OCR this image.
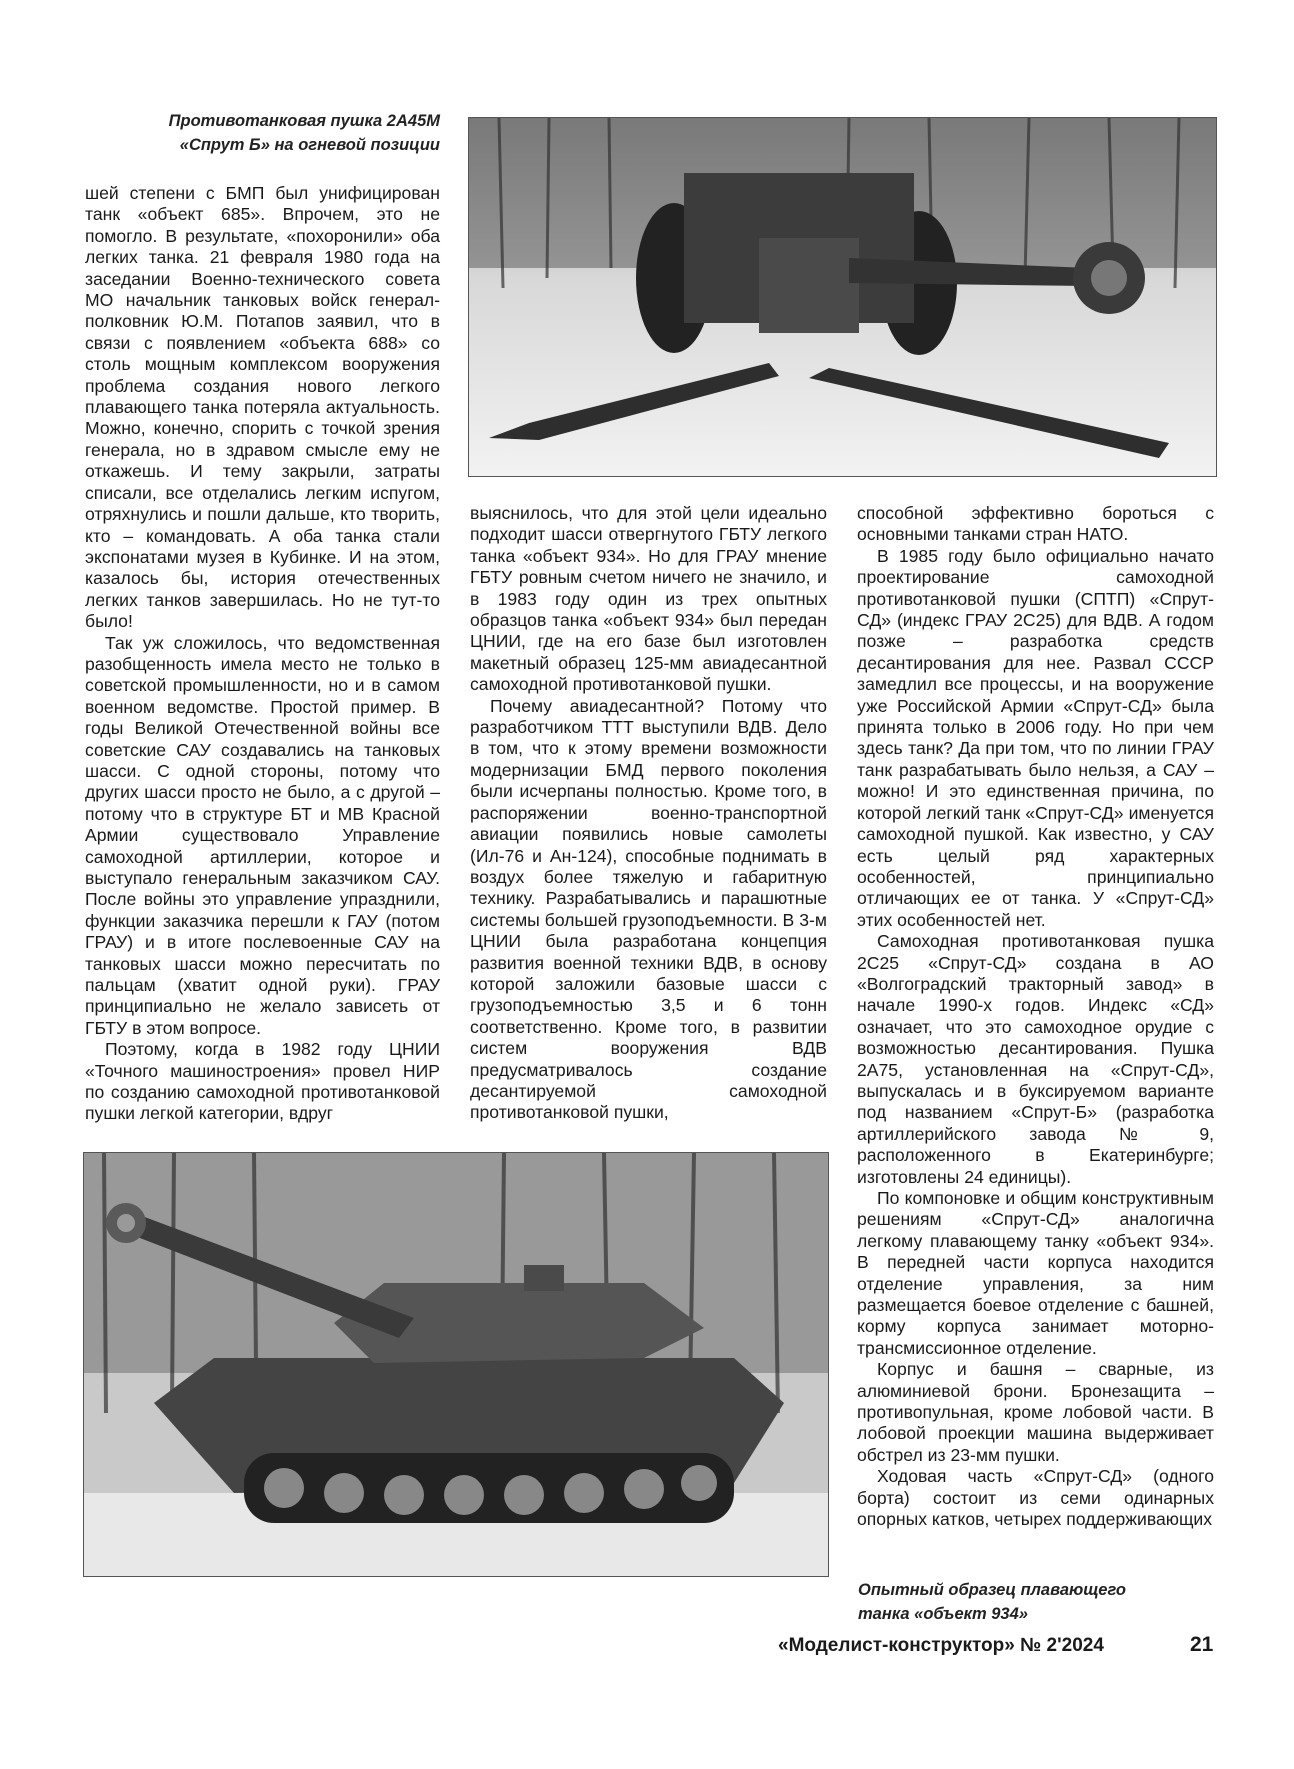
Противотанковая пушка 2А45М
«Спрут Б» на огневой позиции

шей степени с БМП был унифицирован танк «объект 685». Впрочем, это не помогло. В результате, «похоронили» оба легких танка. 21 февраля 1980 года на заседании Военно-технического совета МО начальник танковых войск генерал-полковник Ю.М. Потапов заявил, что в связи с появлением «объекта 688» со столь мощным комплексом вооружения проблема создания нового легкого плавающего танка потеряла актуальность. Можно, конечно, спорить с точкой зрения генерала, но в здравом смысле ему не откажешь. И тему закрыли, затраты списали, все отделались легким испугом, отряхнулись и пошли дальше, кто творить, кто – командовать. А оба танка стали экспонатами музея в Кубинке. И на этом, казалось бы, история отечественных легких танков завершилась. Но не тут-то было!

Так уж сложилось, что ведомственная разобщенность имела место не только в советской промышленности, но и в самом военном ведомстве. Простой пример. В годы Великой Отечественной войны все советские САУ создавались на танковых шасси. С одной стороны, потому что других шасси просто не было, а с другой – потому что в структуре БТ и МВ Красной Армии существовало Управление самоходной артиллерии, которое и выступало генеральным заказчиком САУ. После войны это управление упразднили, функции заказчика перешли к ГАУ (потом ГРАУ) и в итоге послевоенные САУ на танковых шасси можно пересчитать по пальцам (хватит одной руки). ГРАУ принципиально не желало зависеть от ГБТУ в этом вопросе.

Поэтому, когда в 1982 году ЦНИИ «Точного машиностроения» провел НИР по созданию самоходной противотанковой пушки легкой категории, вдруг

выяснилось, что для этой цели идеально подходит шасси отвергнутого ГБТУ легкого танка «объект 934». Но для ГРАУ мнение ГБТУ ровным счетом ничего не значило, и в 1983 году один из трех опытных образцов танка «объект 934» был передан ЦНИИ, где на его базе был изготовлен макетный образец 125-мм авиадесантной самоходной противотанковой пушки.

Почему авиадесантной? Потому что разработчиком ТТТ выступили ВДВ. Дело в том, что к этому времени возможности модернизации БМД первого поколения были исчерпаны полностью. Кроме того, в распоряжении военно-транспортной авиации появились новые самолеты (Ил-76 и Ан-124), способные поднимать в воздух более тяжелую и габаритную технику. Разрабатывались и парашютные системы большей грузоподъемности. В 3-м ЦНИИ была разработана концепция развития военной техники ВДВ, в основу которой заложили базовые шасси с грузоподъемностью 3,5 и 6 тонн соответственно. Кроме того, в развитии систем вооружения ВДВ предусматривалось создание десантируемой самоходной противотанковой пушки,

способной эффективно бороться с основными танками стран НАТО.

В 1985 году было официально начато проектирование самоходной противотанковой пушки (СПТП) «Спрут-СД» (индекс ГРАУ 2С25) для ВДВ. А годом позже – разработка средств десантирования для нее. Развал СССР замедлил все процессы, и на вооружение уже Российской Армии «Спрут-СД» была принята только в 2006 году. Но при чем здесь танк? Да при том, что по линии ГРАУ танк разрабатывать было нельзя, а САУ – можно! И это единственная причина, по которой легкий танк «Спрут-СД» именуется самоходной пушкой. Как известно, у САУ есть целый ряд характерных особенностей, принципиально отличающих ее от танка. У «Спрут-СД» этих особенностей нет.

Самоходная противотанковая пушка 2С25 «Спрут-СД» создана в АО «Волгоградский тракторный завод» в начале 1990-х годов. Индекс «СД» означает, что это самоходное орудие с возможностью десантирования. Пушка 2А75, установленная на «Спрут-СД», выпускалась и в буксируемом варианте под названием «Спрут-Б» (разработка артиллерийского завода № 9, расположенного в Екатеринбурге; изготовлены 24 единицы).

По компоновке и общим конструктивным решениям «Спрут-СД» аналогична легкому плавающему танку «объект 934». В передней части корпуса находится отделение управления, за ним размещается боевое отделение с башней, корму корпуса занимает моторно-трансмиссионное отделение.

Корпус и башня – сварные, из алюминиевой брони. Бронезащита – противопульная, кроме лобовой части. В лобовой проекции машина выдерживает обстрел из 23-мм пушки.

Ходовая часть «Спрут-СД» (одного борта) состоит из семи одинарных опорных катков, четырех поддерживающих

Опытный образец плавающего
танка «объект 934»
«Моделист-конструктор» № 2'2024	21
